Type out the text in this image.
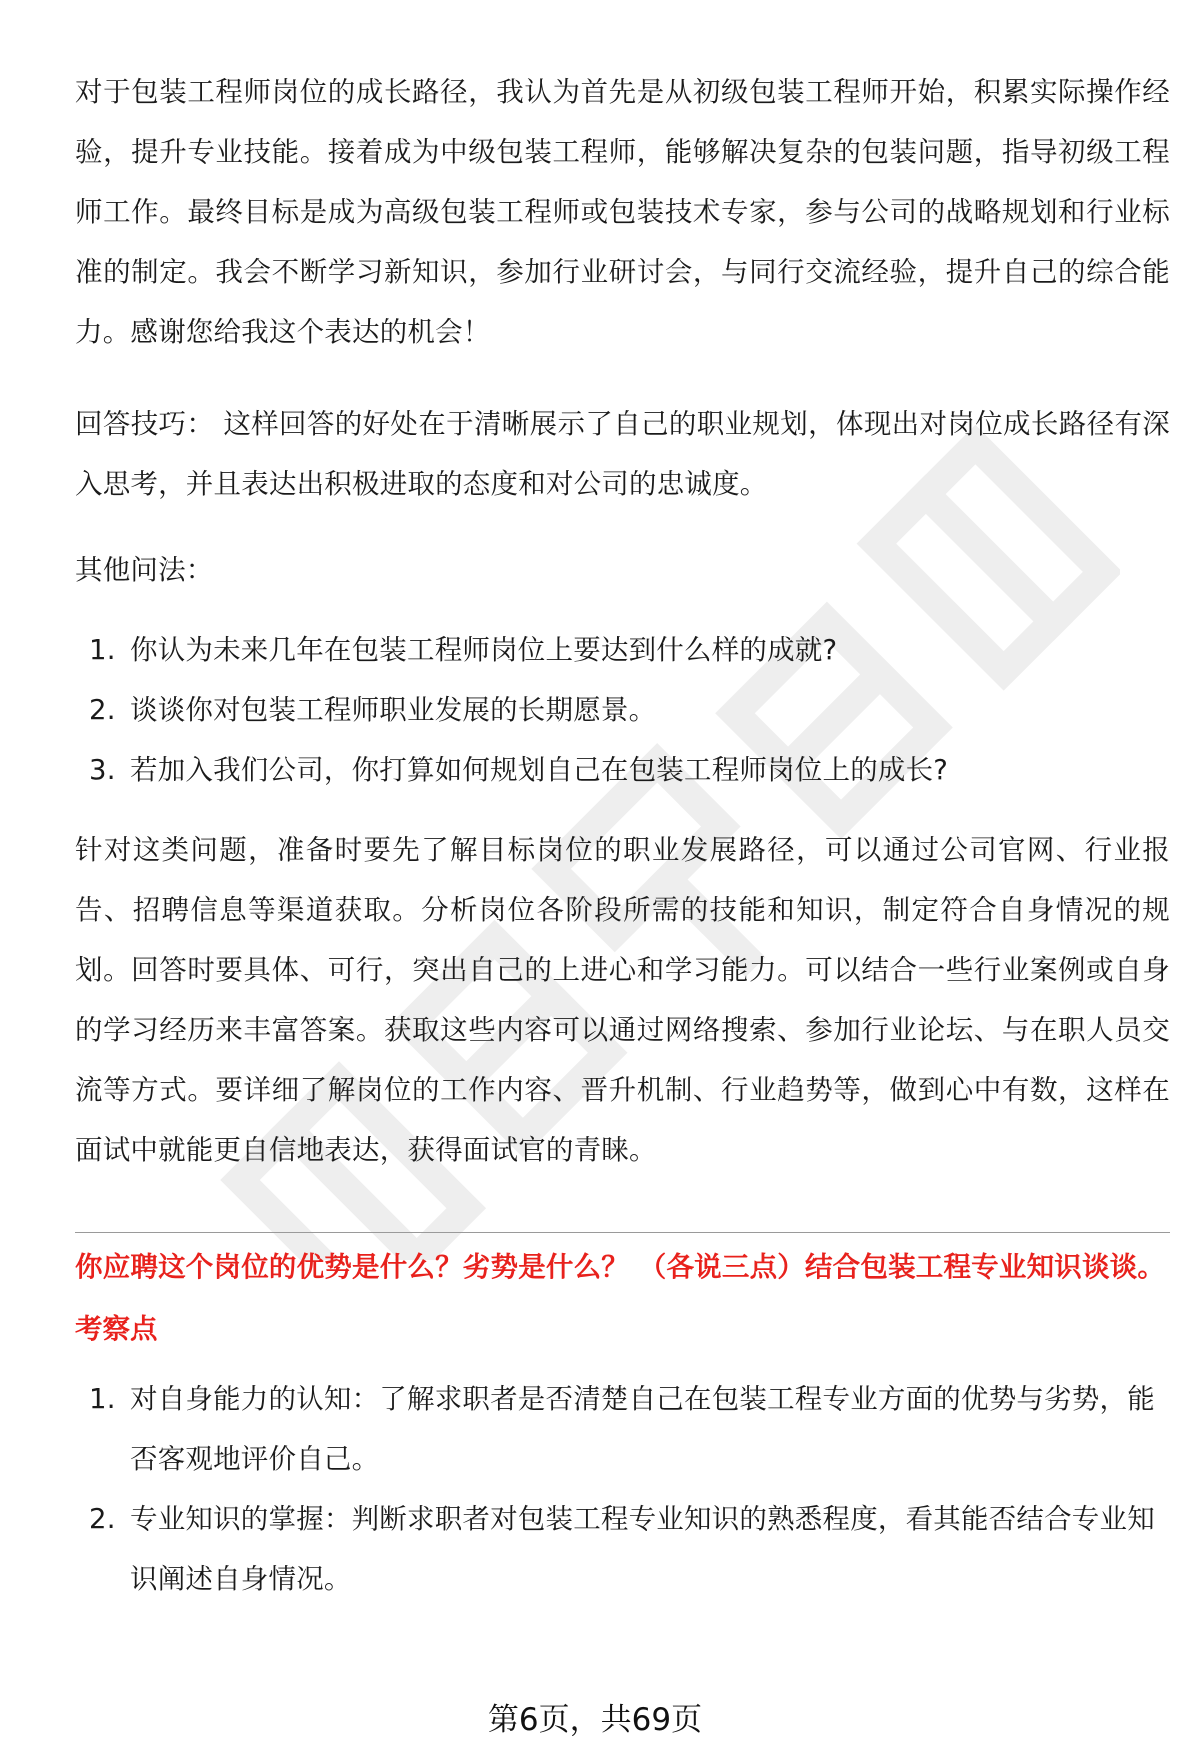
对于包装工程师岗位的成长路径，我认为首先是从初级包装工程师开始，积累实际操作经验，提升专业技能。接着成为中级包装工程师，能够解决复杂的包装问题，指导初级工程师工作。最终目标是成为高级包装工程师或包装技术专家，参与公司的战略规划和行业标准的制定。我会不断学习新知识，参加行业研讨会，与同行交流经验，提升自己的综合能力。感谢您给我这个表达的机会！

回答技巧： 这样回答的好处在于清晰展示了自己的职业规划，体现出对岗位成长路径有深入思考，并且表达出积极进取的态度和对公司的忠诚度。

其他问法：

1. 你认为未来几年在包装工程师岗位上要达到什么样的成就?
2. 谈谈你对包装工程师职业发展的长期愿景。
3. 若加入我们公司，你打算如何规划自己在包装工程师岗位上的成长?

针对这类问题，准备时要先了解目标岗位的职业发展路径，可以通过公司官网、行业报告、招聘信息等渠道获取。分析岗位各阶段所需的技能和知识，制定符合自身情况的规划。回答时要具体、可行，突出自己的上进心和学习能力。可以结合一些行业案例或自身的学习经历来丰富答案。获取这些内容可以通过网络搜索、参加行业论坛、与在职人员交流等方式。要详细了解岗位的工作内容、晋升机制、行业趋势等，做到心中有数，这样在面试中就能更自信地表达，获得面试官的青睐。

你应聘这个岗位的优势是什么？劣势是什么？ （各说三点）结合包装工程专业知识谈谈。

考察点

1. 对自身能力的认知：了解求职者是否清楚自己在包装工程专业方面的优势与劣势，能否客观地评价自己。
2. 专业知识的掌握：判断求职者对包装工程专业知识的熟悉程度，看其能否结合专业知识阐述自身情况。
第6页，共69页
